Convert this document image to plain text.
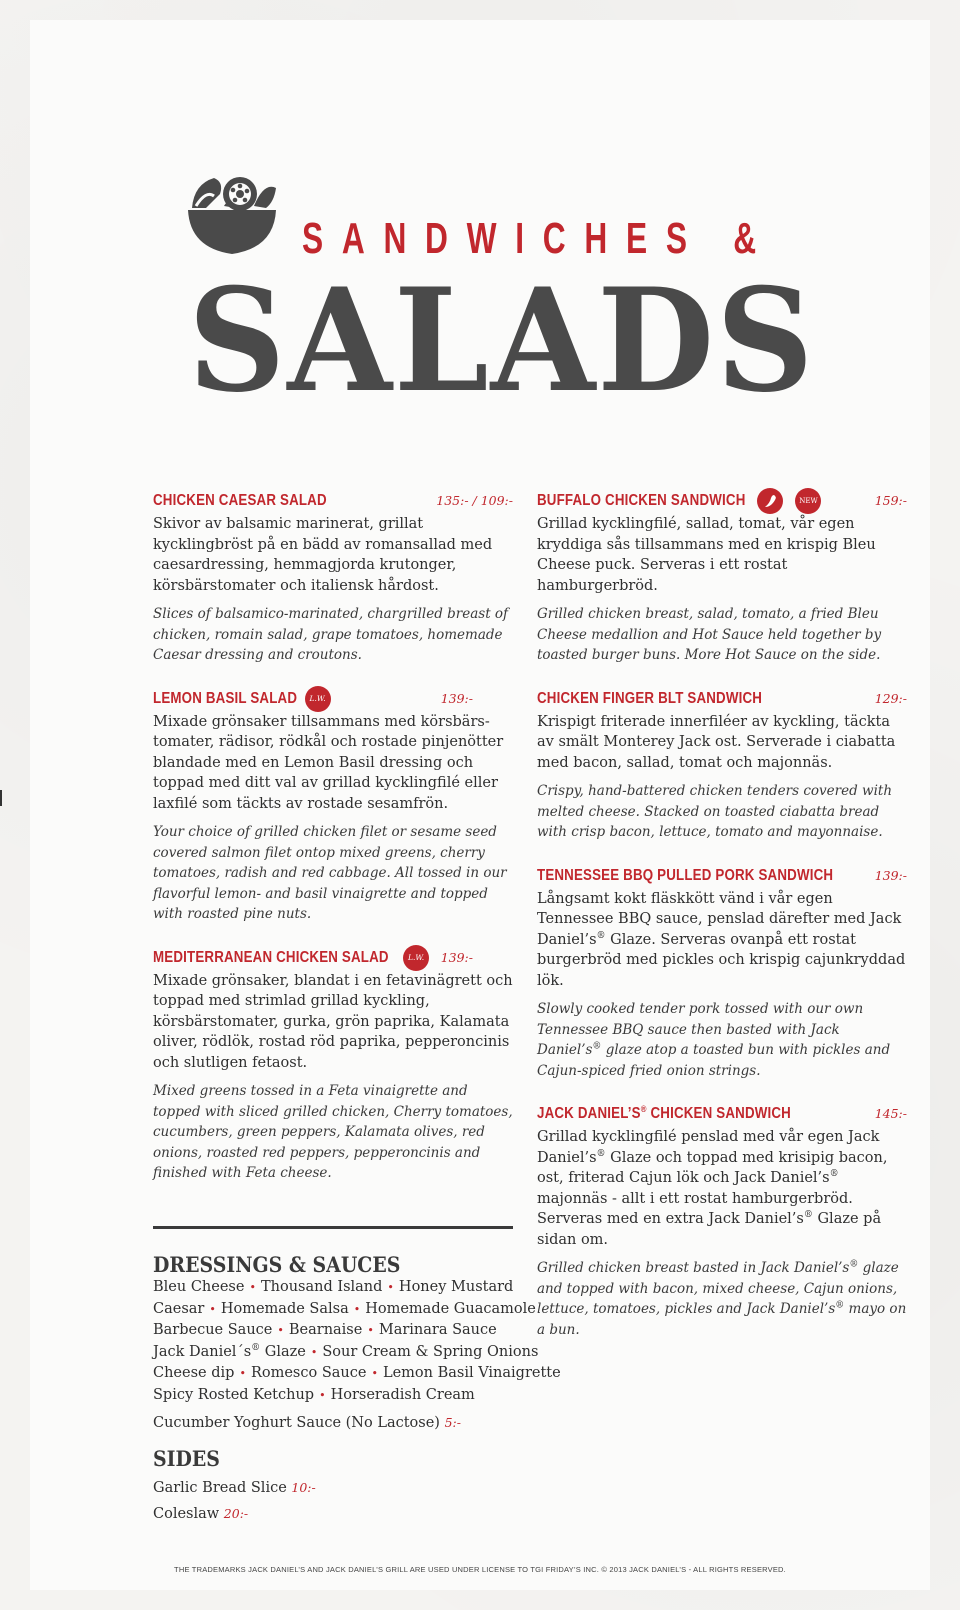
SANDWICHES &
SALADS
CHICKEN CAESAR SALAD	135:- / 109:-
Skivor av balsamic marinerat, grillat kycklingbröst på en bädd av romansallad med caesardressing, hemmagjorda krutonger, körsbärstomater och italiensk hårdost.
Slices of balsamico-marinated, chargrilled breast of chicken, romain salad, grape tomatoes, homemade Caesar dressing and croutons.
LEMON BASIL SALAD	L.W.	139:-
Mixade grönsaker tillsammans med körsbärs-tomater, rädisor, rödkål och rostade pinjenötter blandade med en Lemon Basil dressing och toppad med ditt val av grillad kycklingfilé eller laxfilé som täckts av rostade sesamfrön.
Your choice of grilled chicken filet or sesame seed covered salmon filet ontop mixed greens, cherry tomatoes, radish and red cabbage. All tossed in our flavorful lemon- and basil vinaigrette and topped with roasted pine nuts.
MEDITERRANEAN CHICKEN SALAD	L.W.	139:-
Mixade grönsaker, blandat i en fetavinägrett och toppad med strimlad grillad kyckling, körsbärstomater, gurka, grön paprika, Kalamata oliver, rödlök, rostad röd paprika, pepperoncinis och slutligen fetaost.
Mixed greens tossed in a Feta vinaigrette and topped with sliced grilled chicken, Cherry tomatoes, cucumbers, green peppers, Kalamata olives, red onions, roasted red peppers, pepperoncinis and finished with Feta cheese.
BUFFALO CHICKEN SANDWICH	NEW	159:-
Grillad kycklingfilé, sallad, tomat, vår egen kryddiga sås tillsammans med en krispig Bleu Cheese puck. Serveras i ett rostat hamburgerbröd.
Grilled chicken breast, salad, tomato, a fried Bleu Cheese medallion and Hot Sauce held together by toasted burger buns. More Hot Sauce on the side.
CHICKEN FINGER BLT SANDWICH	129:-
Krispigt friterade innerfiléer av kyckling, täckta av smält Monterey Jack ost. Serverade i ciabatta med bacon, sallad, tomat och majonnäs.
Crispy, hand-battered chicken tenders covered with melted cheese. Stacked on toasted ciabatta bread with crisp bacon, lettuce, tomato and mayonnaise.
TENNESSEE BBQ PULLED PORK SANDWICH	139:-
Långsamt kokt fläskkött vänd i vår egen Tennessee BBQ sauce, penslad därefter med Jack Daniel’s® Glaze. Serveras ovanpå ett rostat burgerbröd med pickles och krispig cajunkryddad lök.
Slowly cooked tender pork tossed with our own Tennessee BBQ sauce then basted with Jack Daniel’s® glaze atop a toasted bun with pickles and Cajun-spiced fried onion strings.
JACK DANIEL’S® CHICKEN SANDWICH	145:-
Grillad kycklingfilé penslad med vår egen Jack Daniel’s® Glaze och toppad med krisipig bacon, ost, friterad Cajun lök och Jack Daniel’s® majonnäs - allt i ett rostat hamburgerbröd. Serveras med en extra Jack Daniel’s® Glaze på sidan om.
Grilled chicken breast basted in Jack Daniel’s® glaze and topped with bacon, mixed cheese, Cajun onions, lettuce, tomatoes, pickles and Jack Daniel’s® mayo on a bun.
DRESSINGS & SAUCES
Bleu Cheese • Thousand Island • Honey Mustard
Caesar • Homemade Salsa • Homemade Guacamole
Barbecue Sauce • Bearnaise • Marinara Sauce
Jack Daniel´s® Glaze • Sour Cream & Spring Onions
Cheese dip • Romesco Sauce • Lemon Basil Vinaigrette
Spicy Rosted Ketchup • Horseradish Cream
Cucumber Yoghurt Sauce (No Lactose) 5:-
SIDES
Garlic Bread Slice 10:-
Coleslaw 20:-
THE TRADEMARKS JACK DANIEL’S AND JACK DANIEL’S GRILL ARE USED UNDER LICENSE TO TGI FRIDAY’S INC. © 2013 JACK DANIEL’S - ALL RIGHTS RESERVED.
